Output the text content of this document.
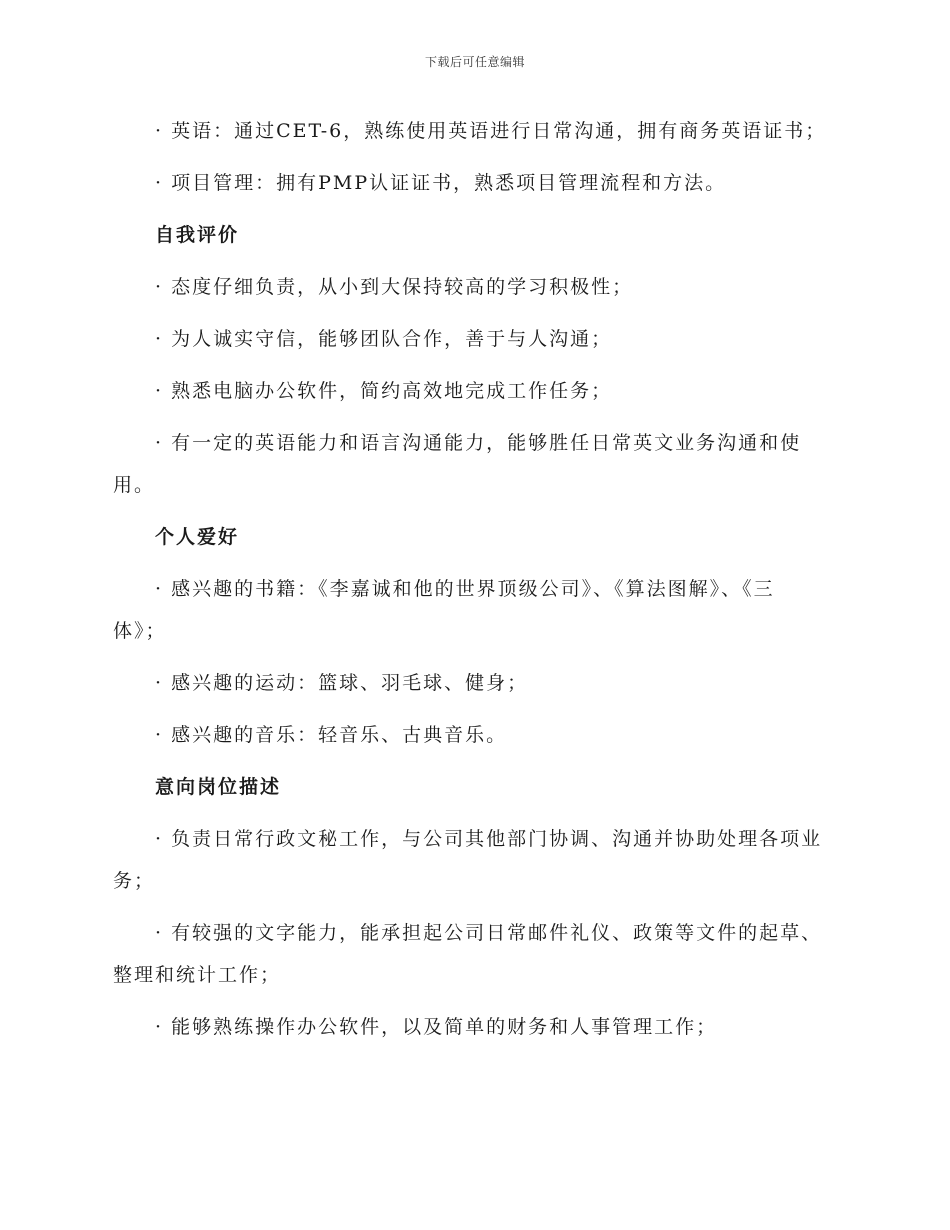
下载后可任意编辑

· 英语：通过CET-6，熟练使用英语进行日常沟通，拥有商务英语证书；

· 项目管理：拥有PMP认证证书，熟悉项目管理流程和方法。

自我评价

· 态度仔细负责，从小到大保持较高的学习积极性；

· 为人诚实守信，能够团队合作，善于与人沟通；

· 熟悉电脑办公软件，简约高效地完成工作任务；

· 有一定的英语能力和语言沟通能力，能够胜任日常英文业务沟通和使用。

个人爱好

· 感兴趣的书籍：《李嘉诚和他的世界顶级公司》、《算法图解》、《三体》；

· 感兴趣的运动：篮球、羽毛球、健身；

· 感兴趣的音乐：轻音乐、古典音乐。

意向岗位描述

· 负责日常行政文秘工作，与公司其他部门协调、沟通并协助处理各项业务；

· 有较强的文字能力，能承担起公司日常邮件礼仪、政策等文件的起草、整理和统计工作；

· 能够熟练操作办公软件，以及简单的财务和人事管理工作；
